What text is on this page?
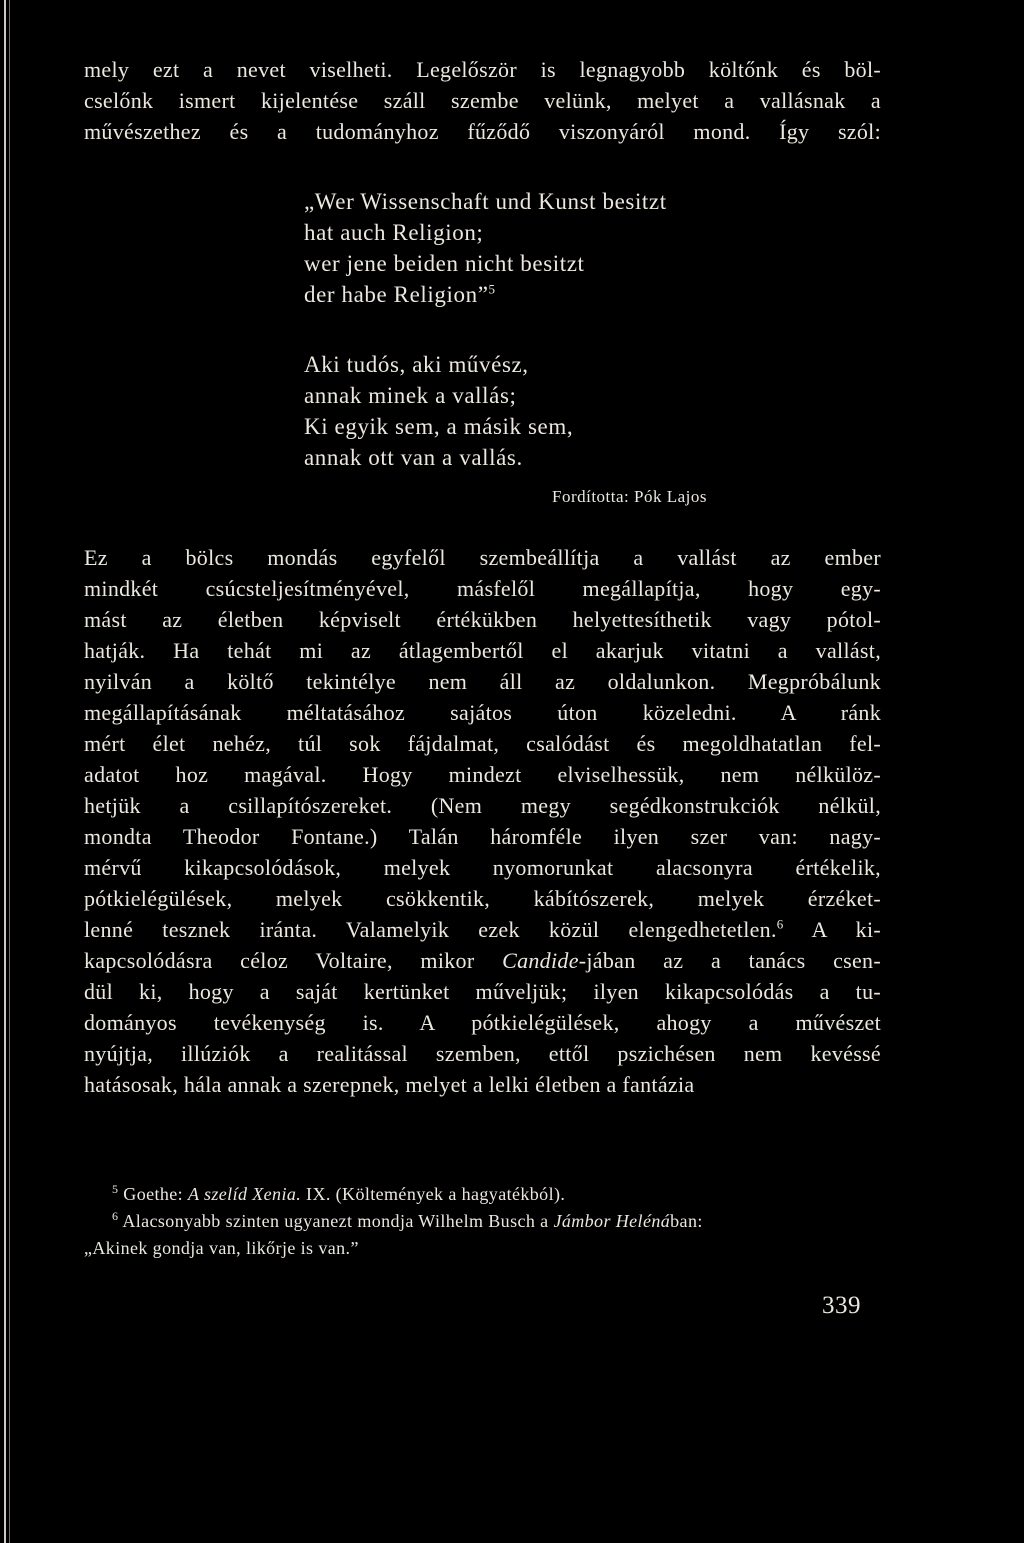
mely ezt a nevet viselheti. Legelőször is legnagyobb költőnk és böl-
cselőnk ismert kijelentése száll szembe velünk, melyet a vallásnak a
művészethez és a tudományhoz fűződő viszonyáról mond. Így szól:
„Wer Wissenschaft und Kunst besitzt
hat auch Religion;
wer jene beiden nicht besitzt
der habe Religion”$^5$
Aki tudós, aki művész,
annak minek a vallás;
Ki egyik sem, a másik sem,
annak ott van a vallás.
Fordította: Pók Lajos
Ez a bölcs mondás egyfelől szembeállítja a vallást az ember
mindkét csúcsteljesítményével, másfelől megállapítja, hogy egy-
mást az életben képviselt értékükben helyettesíthetik vagy pótol-
hatják. Ha tehát mi az átlagembertől el akarjuk vitatni a vallást,
nyilván a költő tekintélye nem áll az oldalunkon. Megpróbálunk
megállapításának méltatásához sajátos úton közeledni. A ránk
mért élet nehéz, túl sok fájdalmat, csalódást és megoldhatatlan fel-
adatot hoz magával. Hogy mindezt elviselhessük, nem nélkülöz-
hetjük a csillapítószereket. (Nem megy segédkonstrukciók nélkül,
mondta Theodor Fontane.) Talán háromféle ilyen szer van: nagy-
mérvű kikapcsolódások, melyek nyomorunkat alacsonyra értékelik,
pótkielégülések, melyek csökkentik, kábítószerek, melyek érzéket-
lenné tesznek iránta. Valamelyik ezek közül elengedhetetlen.$^6$ A ki-
kapcsolódásra céloz Voltaire, mikor Candide-jában az a tanács csen-
dül ki, hogy a saját kertünket műveljük; ilyen kikapcsolódás a tu-
dományos tevékenység is. A pótkielégülések, ahogy a művészet
nyújtja, illúziók a realitással szemben, ettől pszichésen nem kevéssé
hatásosak, hála annak a szerepnek, melyet a lelki életben a fantázia
$^5$ Goethe: A szelíd Xenia. IX. (Költemények a hagyatékból).
$^6$ Alacsonyabb szinten ugyanezt mondja Wilhelm Busch a Jámbor Helénában:
„Akinek gondja van, likőrje is van.”
339
